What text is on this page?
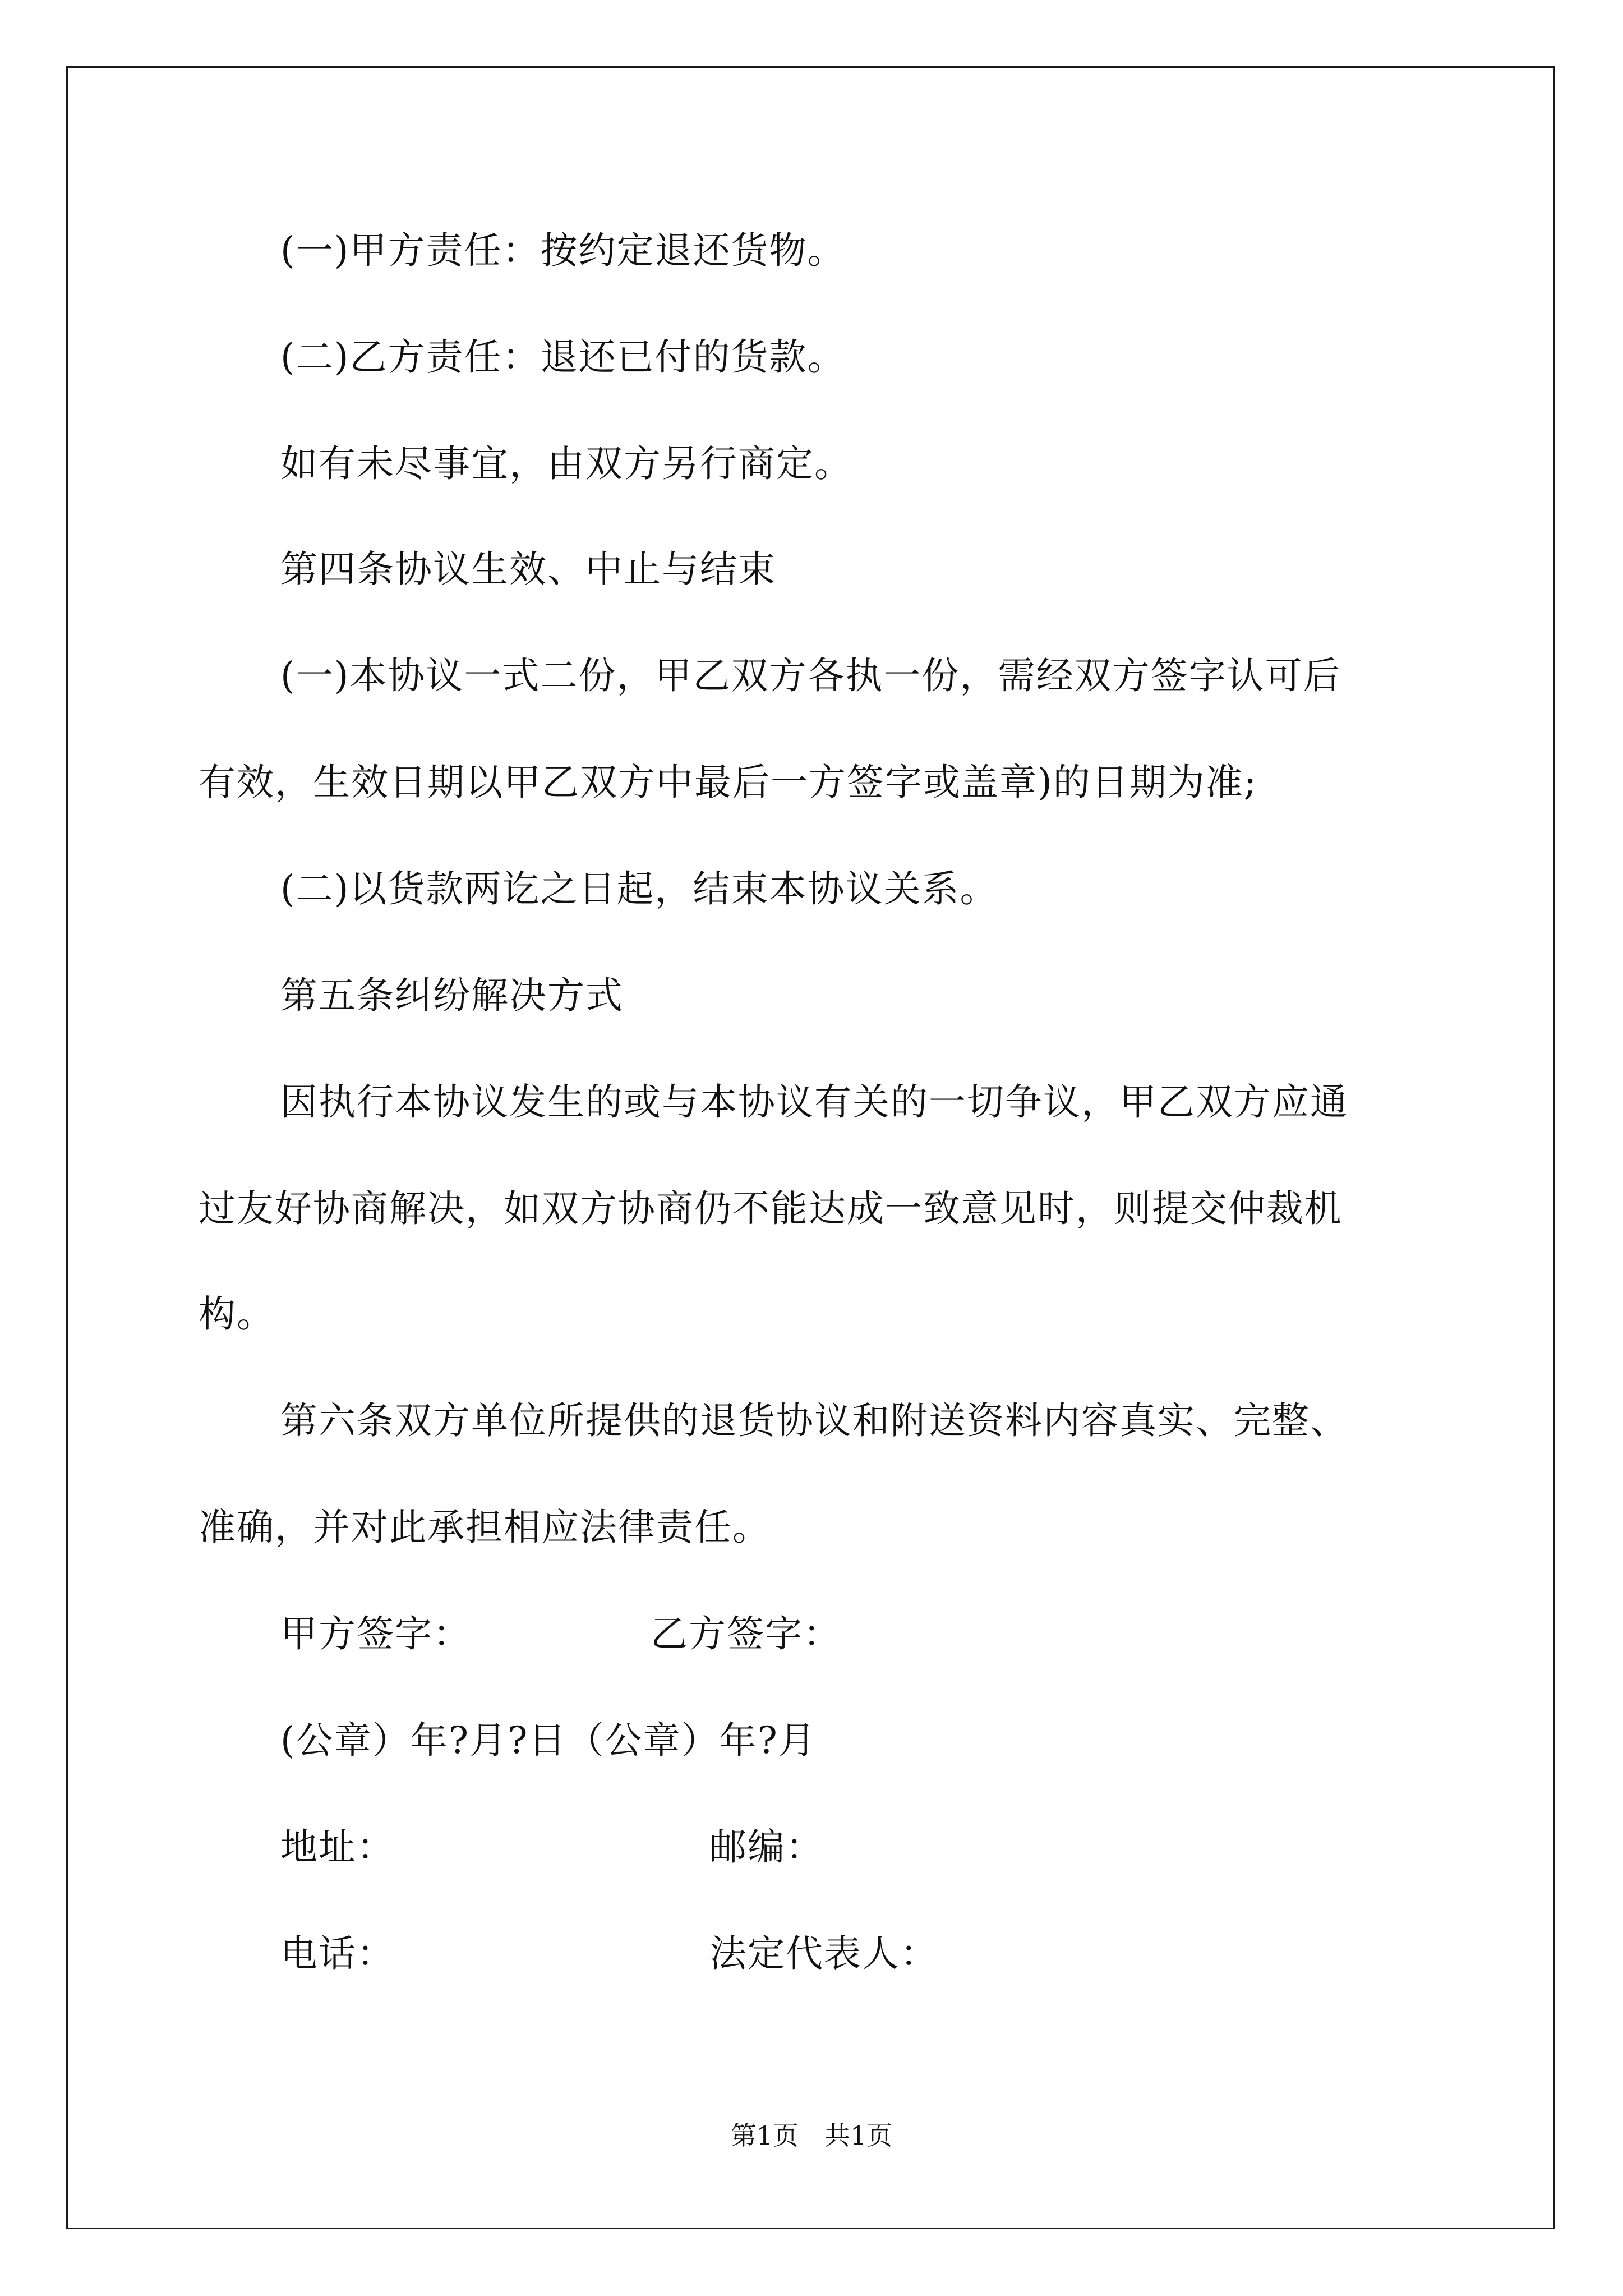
(一)甲方责任：按约定退还货物。
(二)乙方责任：退还已付的货款。
如有未尽事宜，由双方另行商定。
第四条协议生效、中止与结束
(一)本协议一式二份，甲乙双方各执一份，需经双方签字认可后
有效，生效日期以甲乙双方中最后一方签字或盖章)的日期为准;
(二)以货款两讫之日起，结束本协议关系。
第五条纠纷解决方式
因执行本协议发生的或与本协议有关的一切争议，甲乙双方应通
过友好协商解决，如双方协商仍不能达成一致意见时，则提交仲裁机
构。
第六条双方单位所提供的退货协议和附送资料内容真实、完整、
准确，并对此承担相应法律责任。
甲方签字：	乙方签字：
(公章）年?月?日（公章）年?月
地址：	邮编：
电话：	法定代表人：
第1页 共1页
